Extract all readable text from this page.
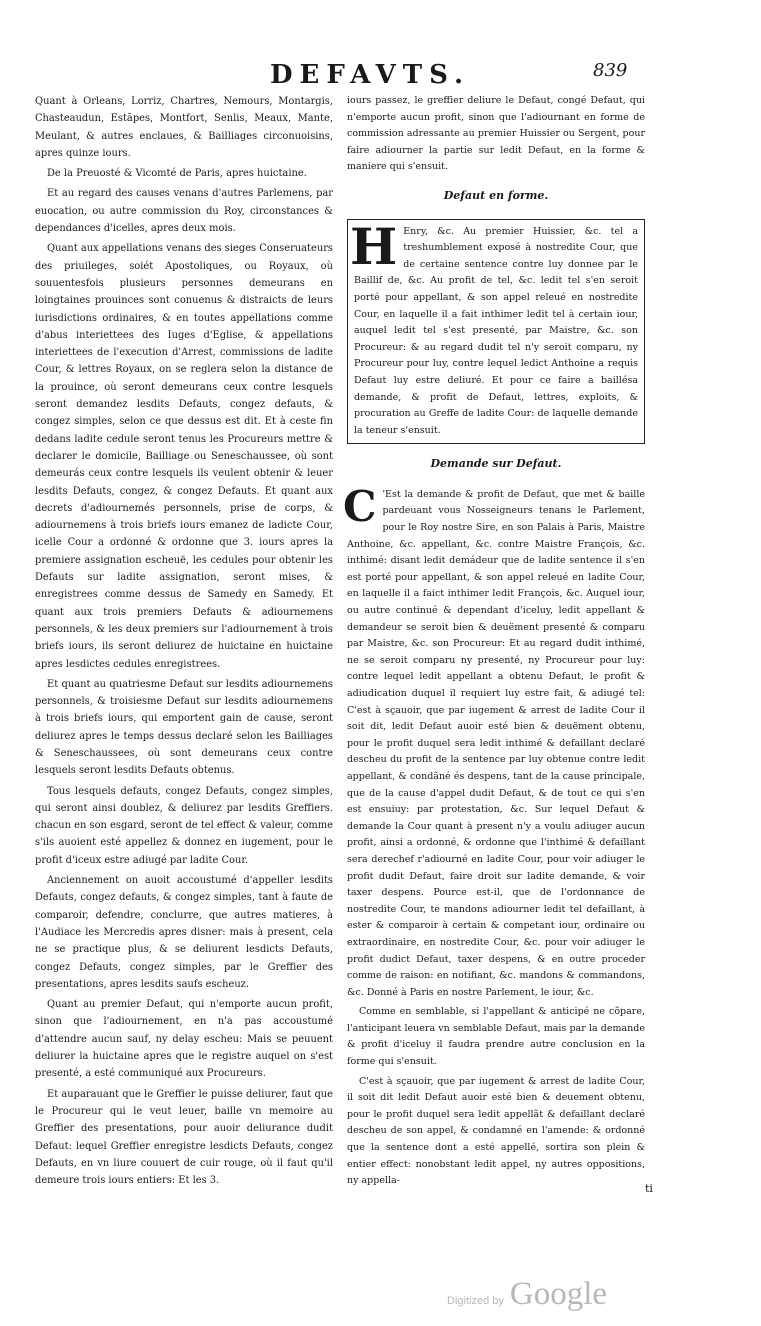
DEFAVTS.	839

Quant à Orleans, Lorriz, Chartres, Nemours, Montargis, Chasteaudun, Estãpes, Montfort, Senlis, Meaux, Mante, Meulant, & autres enclaues, & Bailliages circonuoisins, apres quinze iours.

De la Preuosté & Vicomté de Paris, apres huictaine.

Et au regard des causes venans d'autres Parlemens, par euocation, ou autre commission du Roy, circonstances & dependances d'icelles, apres deux mois.

Quant aux appellations venans des sieges Conseruateurs des priuileges, soiét Apostoliques, ou Royaux, où souuentesfois plusieurs personnes demeurans en loingtaines prouinces sont conuenus & distraicts de leurs iurisdictions ordinaires, & en toutes appellations comme d'abus interiettees des Iuges d'Eglise, & appellations interiettees de l'execution d'Arrest, commissions de ladite Cour, & lettres Royaux, on se reglera selon la distance de la prouince, où seront demeurans ceux contre lesquels seront demandez lesdits Defauts, congez defauts, & congez simples, selon ce que dessus est dit. Et à ceste fin dedans ladite cedule seront tenus les Procureurs mettre & declarer le domicile, Bailliage ou Seneschaussee, où sont demeurás ceux contre lesquels ils veulent obtenir & leuer lesdits Defauts, congez, & congez Defauts. Et quant aux decrets d'adiournemés personnels, prise de corps, & adiournemens à trois briefs iours emanez de ladicte Cour, icelle Cour a ordonné & ordonne que 3. iours apres la premiere assignation escheuë, les cedules pour obtenir les Defauts sur ladite assignation, seront mises, & enregistrees comme dessus de Samedy en Samedy. Et quant aux trois premiers Defauts & adiournemens personnels, & les deux premiers sur l'adiournement à trois briefs iours, ils seront deliurez de huictaine en huictaine apres lesdictes cedules enregistrees.

Et quant au quatriesme Defaut sur lesdits adiournemens personnels, & troisiesme Defaut sur lesdits adiournemens à trois briefs iours, qui emportent gain de cause, seront deliurez apres le temps dessus declaré selon les Bailliages & Seneschaussees, où sont demeurans ceux contre lesquels seront lesdits Defauts obtenus.

Tous lesquels defauts, congez Defauts, congez simples, qui seront ainsi doublez, & deliurez par lesdits Greffiers. chacun en son esgard, seront de tel effect & valeur, comme s'ils auoient esté appellez & donnez en iugement, pour le profit d'iceux estre adiugé par ladite Cour.

Anciennement on auoit accoustumé d'appeller lesdits Defauts, congez defauts, & congez simples, tant à faute de comparoir, defendre, conclurre, que autres matieres, à l'Audiace les Mercredis apres disner: mais à present, cela ne se practique plus, & se deliurent lesdicts Defauts, congez Defauts, congez simples, par le Greffier des presentations, apres lesdits saufs escheuz.

Quant au premier Defaut, qui n'emporte aucun profit, sinon que l'adiournement, en n'a pas accoustumé d'attendre aucun sauf, ny delay escheu: Mais se peuuent deliurer la huictaine apres que le registre auquel on s'est presenté, a esté communiqué aux Procureurs.

Et auparauant que le Greffier le puisse deliurer, faut que le Procureur qui le veut leuer, baille vn memoire au Greffier des presentations, pour auoir deliurance dudit Defaut: lequel Greffier enregistre lesdicts Defauts, congez Defauts, en vn liure couuert de cuir rouge, où il faut qu'il demeure trois iours entiers: Et les 3.

iours passez, le greffier deliure le Defaut, congé Defaut, qui n'emporte aucun profit, sinon que l'adiournant en forme de commission adressante au premier Huissier ou Sergent, pour faire adiourner la partie sur ledit Defaut, en la forme & maniere qui s'ensuit.

Defaut en forme.
H Enry, &c. Au premier Huissier, &c. tel a treshumblement exposé à nostredite Cour, que de certaine sentence contre luy donnee par le Baillif de, &c. Au profit de tel, &c. ledit tel s'en seroit porté pour appellant, & son appel releué en nostredite Cour, en laquelle il a fait inthimer ledit tel à certain iour, auquel ledit tel s'est presenté, par Maistre, &c. son Procureur: & au regard dudit tel n'y seroit comparu, ny Procureur pour luy, contre lequel ledict Anthoine a requis Defaut luy estre deliuré. Et pour ce faire a baillésa demande, & profit de Defaut, lettres, exploits, & procuration au Greffe de ladite Cour: de laquelle demande la teneur s'ensuit.
Demande sur Defaut.

C 'Est la demande & profit de Defaut, que met & baille pardeuant vous Nosseigneurs tenans le Parlement, pour le Roy nostre Sire, en son Palais à Paris, Maistre Anthoine, &c. appellant, &c. contre Maistre François, &c. inthimé: disant ledit demádeur que de ladite sentence il s'en est porté pour appellant, & son appel releué en ladite Cour, en laquelle il a faict inthimer ledit François, &c. Auquel iour, ou autre continué & dependant d'iceluy, ledit appellant & demandeur se seroit bien & deuëment presenté & comparu par Maistre, &c. son Procureur: Et au regard dudit inthimé, ne se seroit comparu ny presenté, ny Procureur pour luy: contre lequel ledit appellant a obtenu Defaut, le profit & adiudication duquel il requiert luy estre fait, & adiugé tel: C'est à sçauoir, que par iugement & arrest de ladite Cour il soit dit, ledit Defaut auoir esté bien & deuëment obtenu, pour le profit duquel sera ledit inthimé & defaillant declaré descheu du profit de la sentence par luy obtenue contre ledit appellant, & condãné és despens, tant de la cause principale, que de la cause d'appel dudit Defaut, & de tout ce qui s'en est ensuiuy: par protestation, &c. Sur lequel Defaut & demande la Cour quant à present n'y a voulu adiuger aucun profit, ainsi a ordonné, & ordonne que l'inthimé & defaillant sera derechef r'adiourné en ladite Cour, pour voir adiuger le profit dudit Defaut, faire droit sur ladite demande, & voir taxer despens. Pource est-il, que de l'ordonnance de nostredite Cour, te mandons adiourner ledit tel defaillant, à ester & comparoir à certain & competant iour, ordinaire ou extraordinaire, en nostredite Cour, &c. pour voir adiuger le profit dudict Defaut, taxer despens, & en outre proceder comme de raison: en notifiant, &c. mandons & commandons, &c. Donné à Paris en nostre Parlement, le iour, &c.

Comme en semblable, si l'appellant & anticipé ne cõpare, l'anticipant leuera vn semblable Defaut, mais par la demande & profit d'iceluy il faudra prendre autre conclusion en la forme qui s'ensuit.

C'est à sçauoir, que par iugement & arrest de ladite Cour, il soit dit ledit Defaut auoir esté bien & deuement obtenu, pour le profit duquel sera ledit appellãt & defaillant declaré descheu de son appel, & condamné en l'amende: & ordonné que la sentence dont a esté appellé, sortira son plein & entier effect: nonobstant ledit appel, ny autres oppositions, ny appella-

ti
Digitized by Google
